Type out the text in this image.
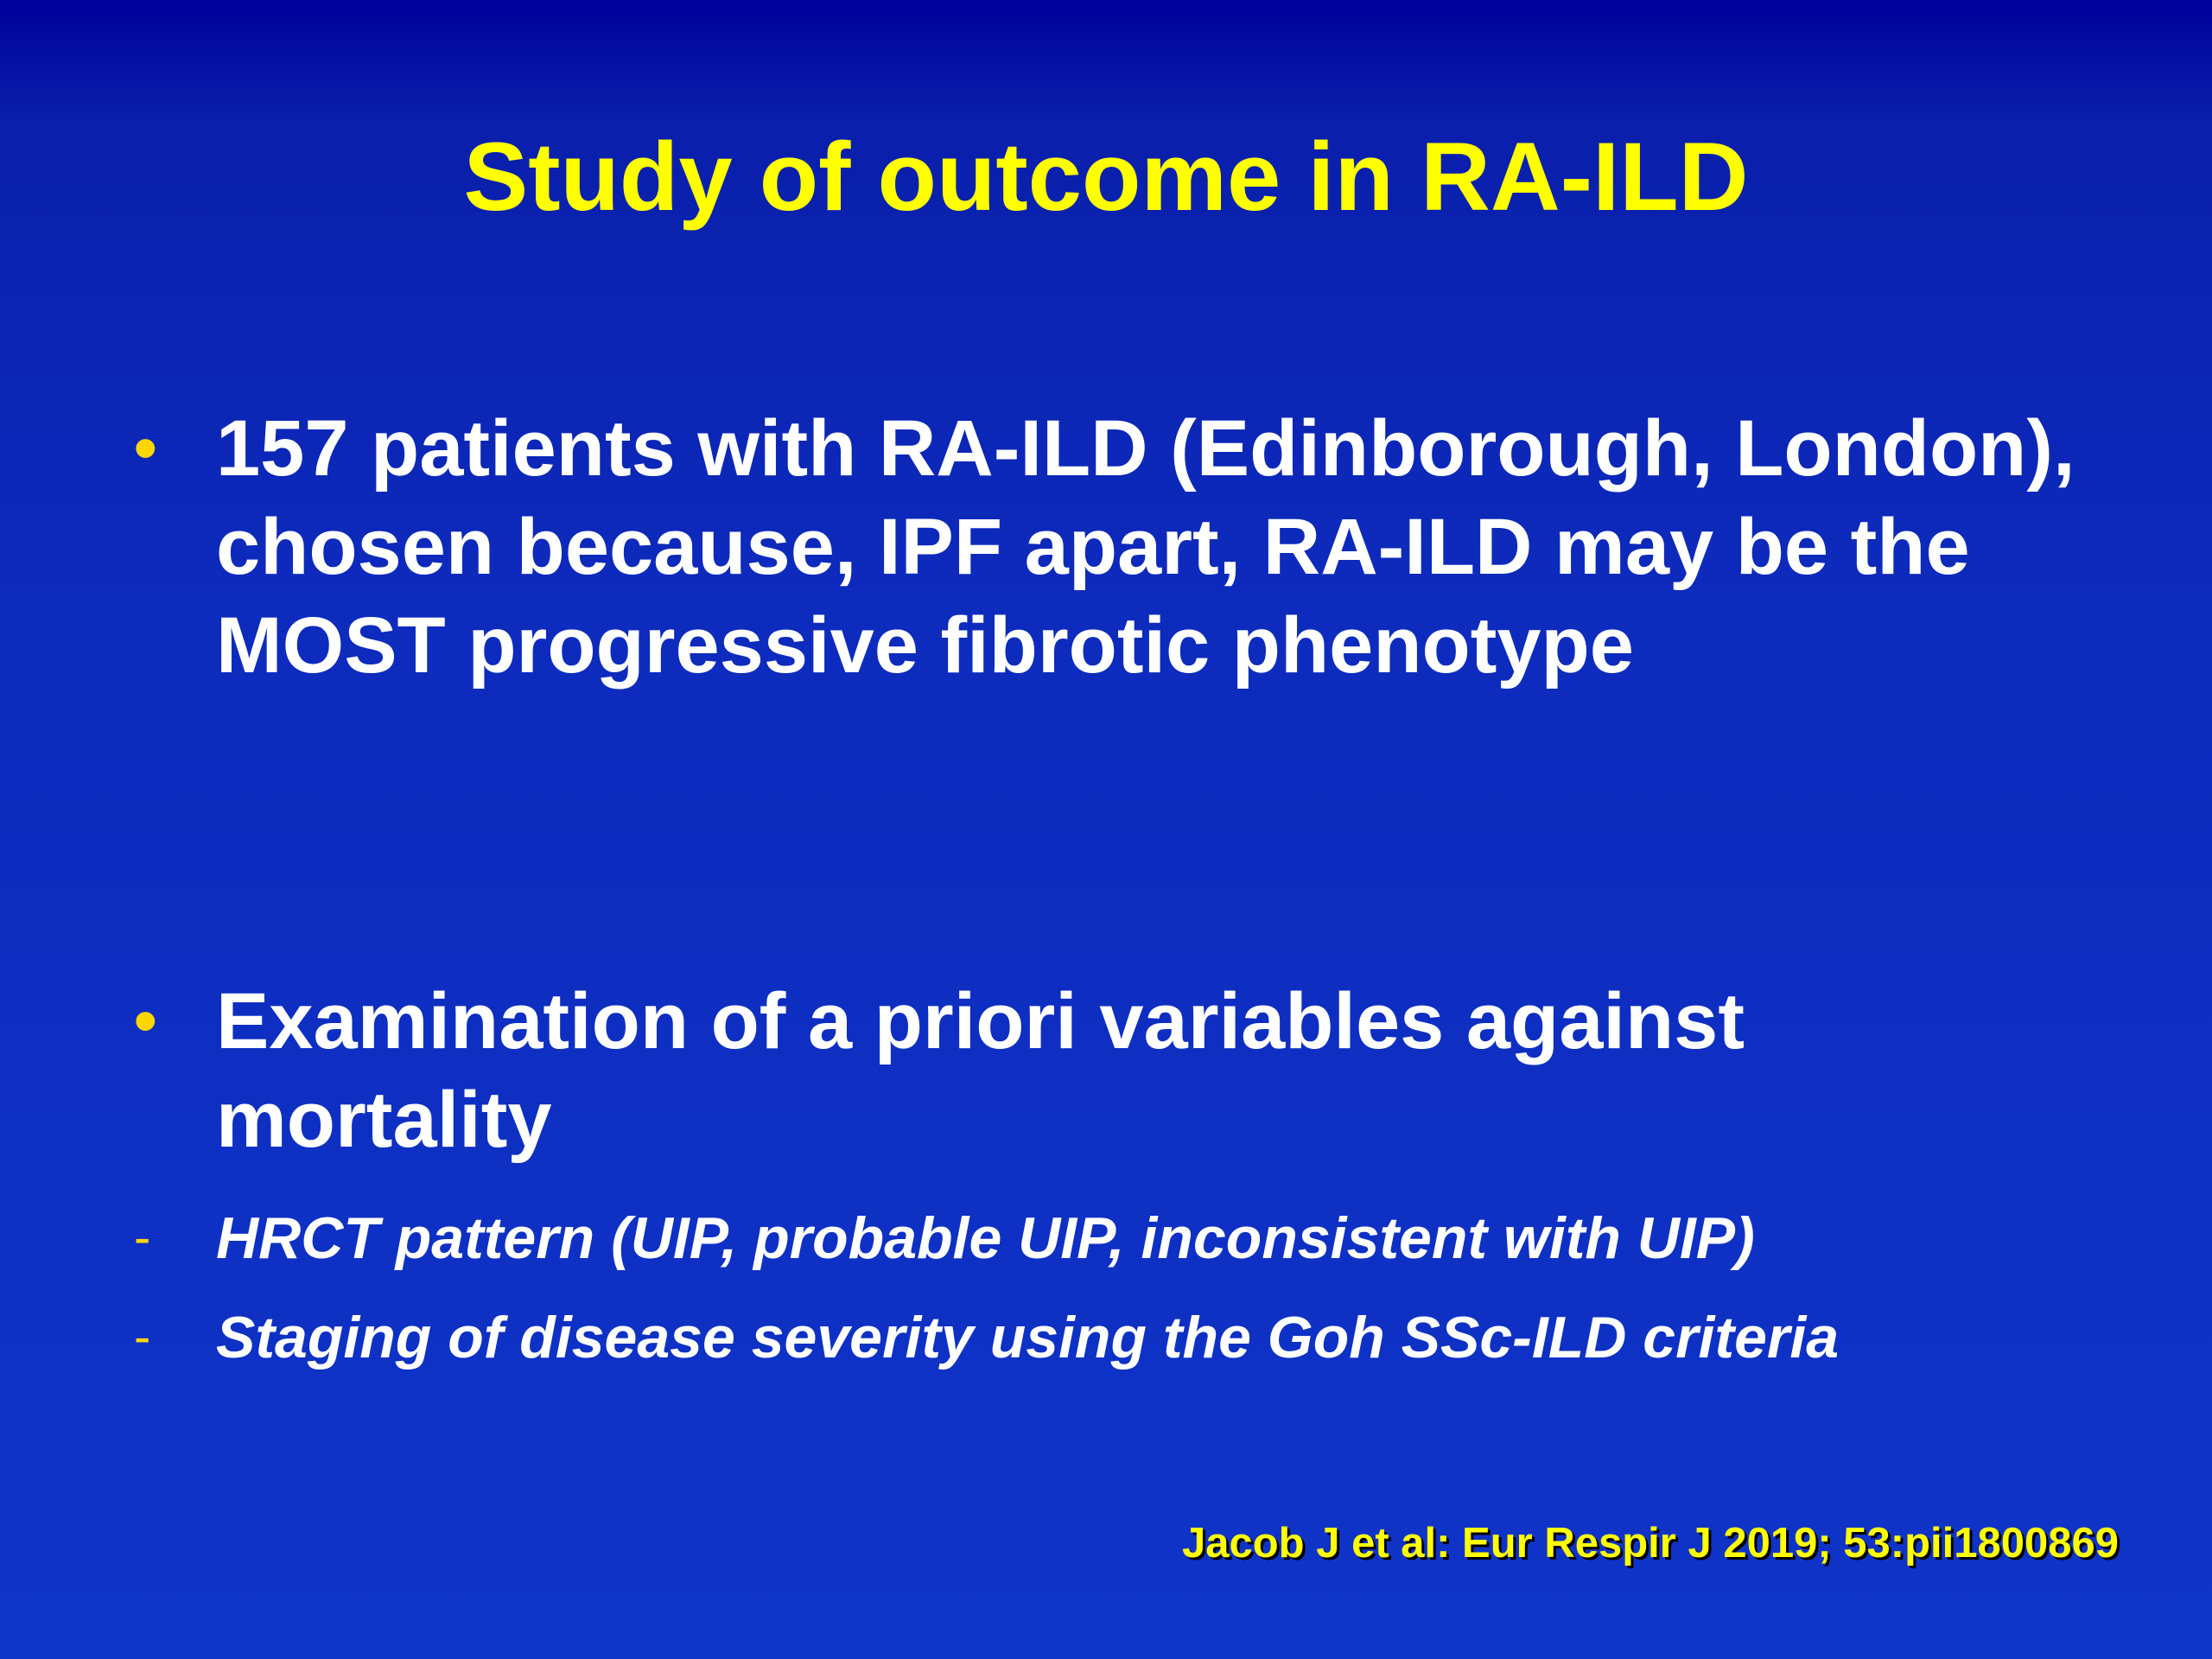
Study of outcome in RA-ILD
• 157 patients with RA-ILD (Edinborough, London), chosen because, IPF apart, RA-ILD may be the MOST progressive fibrotic phenotype
• Examination of a priori variables against mortality
- HRCT pattern (UIP, probable UIP, inconsistent with UIP)
- Staging of disease severity using the Goh SSc-ILD criteria
Jacob J et al: Eur Respir J 2019; 53:pii1800869
